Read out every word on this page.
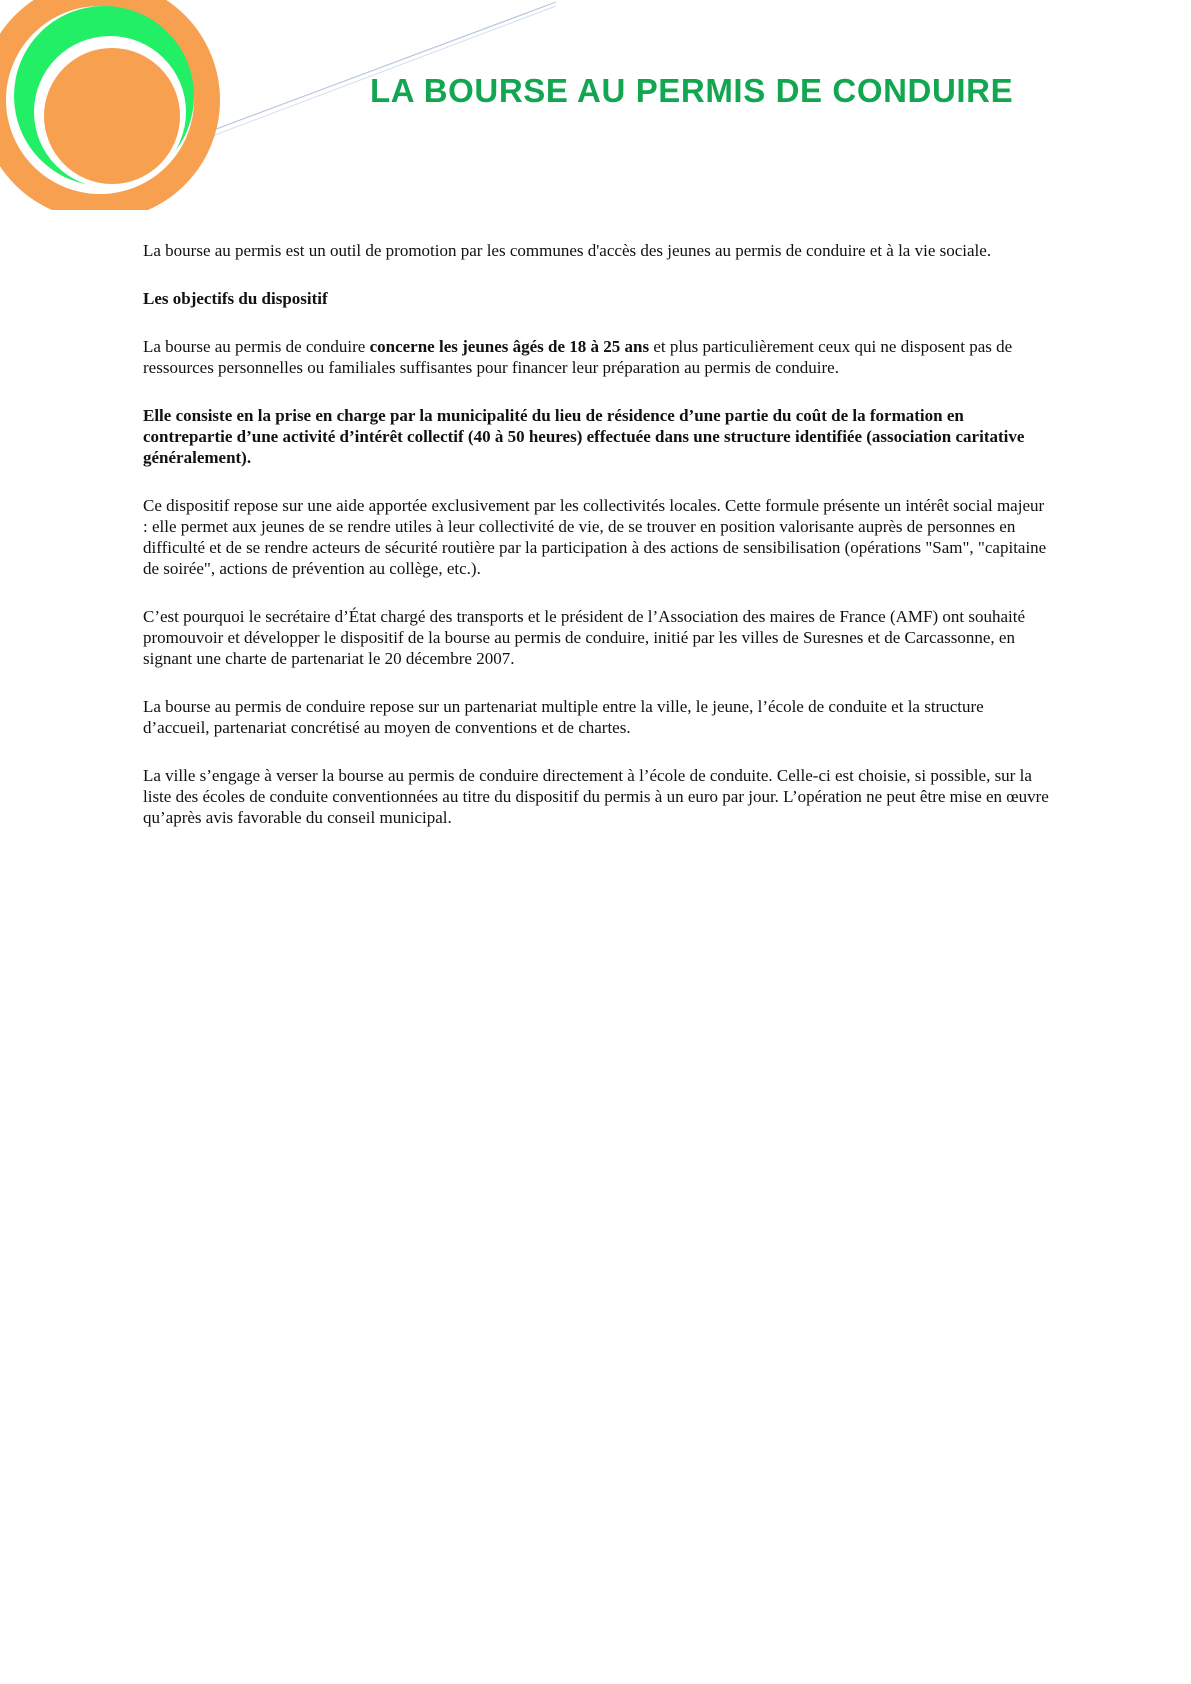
LA BOURSE AU PERMIS DE CONDUIRE

La bourse au permis est un outil de promotion par les communes d'accès des jeunes au permis de conduire et à la vie sociale.

Les objectifs du dispositif

La bourse au permis de conduire concerne les jeunes âgés de 18 à 25 ans et plus particulièrement ceux qui ne disposent pas de ressources personnelles ou familiales suffisantes pour financer leur préparation au permis de conduire.

Elle consiste en la prise en charge par la municipalité du lieu de résidence d’une partie du coût de la formation en contrepartie d’une activité d’intérêt collectif (40 à 50 heures) effectuée dans une structure identifiée (association caritative généralement).

Ce dispositif repose sur une aide apportée exclusivement par les collectivités locales. Cette formule présente un intérêt social majeur : elle permet aux jeunes de se rendre utiles à leur collectivité de vie, de se trouver en position valorisante auprès de personnes en difficulté et de se rendre acteurs de sécurité routière par la participation à des actions de sensibilisation (opérations "Sam", "capitaine de soirée", actions de prévention au collège, etc.).

C’est pourquoi le secrétaire d’État chargé des transports et le président de l’Association des maires de France (AMF) ont souhaité promouvoir et développer le dispositif de la bourse au permis de conduire, initié par les villes de Suresnes et de Carcassonne, en signant une charte de partenariat le 20 décembre 2007.

La bourse au permis de conduire repose sur un partenariat multiple entre la ville, le jeune, l’école de conduite et la structure d’accueil, partenariat concrétisé au moyen de conventions et de chartes.

La ville s’engage à verser la bourse au permis de conduire directement à l’école de conduite. Celle-ci est choisie, si possible, sur la liste des écoles de conduite conventionnées au titre du dispositif du permis à un euro par jour. L’opération ne peut être mise en œuvre qu’après avis favorable du conseil municipal.
